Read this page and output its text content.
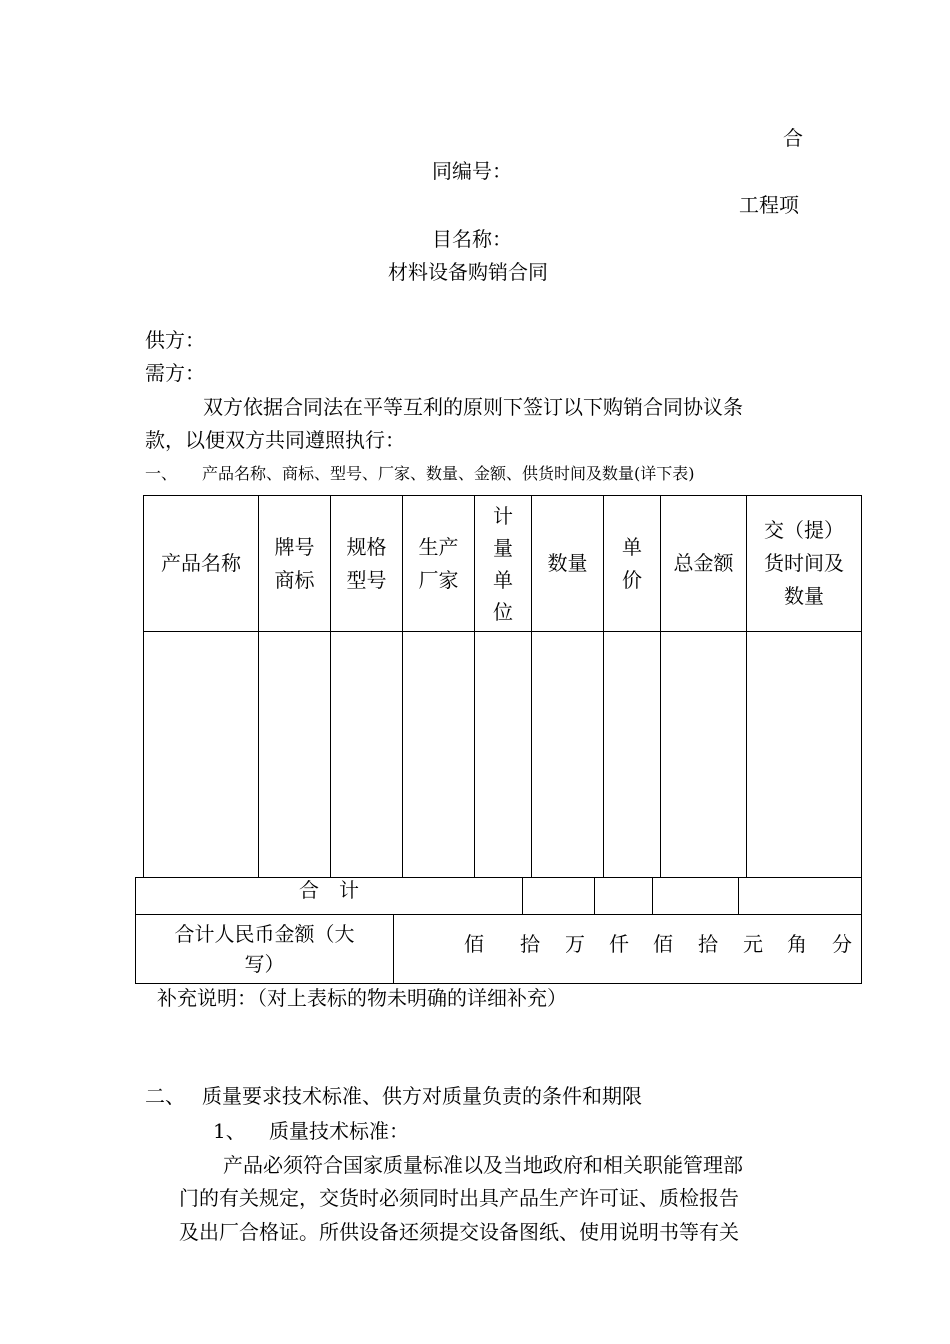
合
同编号：
工程项
目名称：
材料设备购销合同
供方：
需方：
双方依据合同法在平等互利的原则下签订以下购销合同协议条
款，以便双方共同遵照执行：
一、 产品名称、商标、型号、厂家、数量、金额、供货时间及数量(详下表)
产品名称
牌号
商标
规格
型号
生产
厂家
计
量
单
位
数量
单
价
总金额
交（提）
货时间及
数量
合　计
合计人民币金额（大
写）
佰 拾 万 仟 佰 拾 元 角 分
补充说明：（对上表标的物未明确的详细补充）
二、 质量要求技术标准、供方对质量负责的条件和期限
1、 质量技术标准：
产品必须符合国家质量标准以及当地政府和相关职能管理部
门的有关规定，交货时必须同时出具产品生产许可证、质检报告
及出厂合格证。所供设备还须提交设备图纸、使用说明书等有关
